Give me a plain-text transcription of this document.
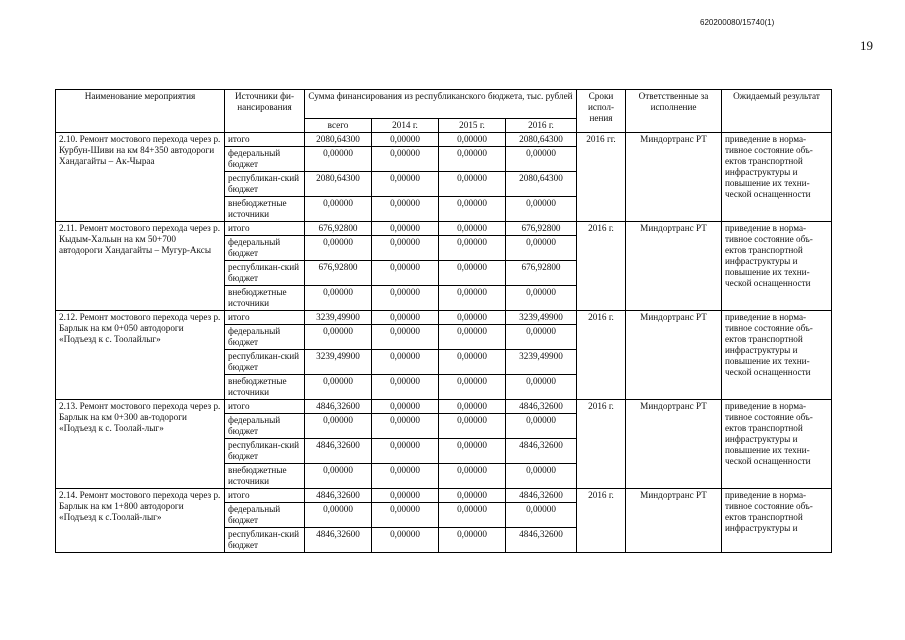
620200080/15740(1)
19
Наименование мероприятия	Источники фи-нансирования	Сумма финансирования из республиканского бюджета, тыс. рублей				Сроки испол-нения	Ответственные за исполнение	Ожидаемый результат
		всего	2014 г.	2015 г.	2016 г.			
2.10. Ремонт мостового перехода через р. Курбун-Шиви на км 84+350 автодороги Хандагайты – Ак-Чыраа	итого	2080,64300	0,00000	0,00000	2080,64300	2016 гг.	Миндортранс РТ	приведение в норма-тивное состояние объ-ектов транспортной инфраструктуры и повышение их техни-ческой оснащенности
	федеральный бюджет	0,00000	0,00000	0,00000	0,00000			
	республикан-ский бюджет	2080,64300	0,00000	0,00000	2080,64300			
	внебюджетные источники	0,00000	0,00000	0,00000	0,00000			
2.11. Ремонт мостового перехода через р. Кыдым-Хальын на км 50+700 автодороги Хандагайты – Мугур-Аксы	итого	676,92800	0,00000	0,00000	676,92800	2016 г.	Миндортранс РТ	приведение в норма-тивное состояние объ-ектов транспортной инфраструктуры и повышение их техни-ческой оснащенности
	федеральный бюджет	0,00000	0,00000	0,00000	0,00000			
	республикан-ский бюджет	676,92800	0,00000	0,00000	676,92800			
	внебюджетные источники	0,00000	0,00000	0,00000	0,00000			
2.12. Ремонт мостового перехода через р. Барлык на км 0+050 автодороги «Подъезд к с. Тоолайлыг»	итого	3239,49900	0,00000	0,00000	3239,49900	2016 г.	Миндортранс РТ	приведение в норма-тивное состояние объ-ектов транспортной инфраструктуры и повышение их техни-ческой оснащенности
	федеральный бюджет	0,00000	0,00000	0,00000	0,00000			
	республикан-ский бюджет	3239,49900	0,00000	0,00000	3239,49900			
	внебюджетные источники	0,00000	0,00000	0,00000	0,00000			
2.13. Ремонт мостового перехода через р. Барлык на км 0+300 ав-тодороги «Подъезд к с. Тоолай-лыг»	итого	4846,32600	0,00000	0,00000	4846,32600	2016 г.	Миндортранс РТ	приведение в норма-тивное состояние объ-ектов транспортной инфраструктуры и повышение их техни-ческой оснащенности
	федеральный бюджет	0,00000	0,00000	0,00000	0,00000			
	республикан-ский бюджет	4846,32600	0,00000	0,00000	4846,32600			
	внебюджетные источники	0,00000	0,00000	0,00000	0,00000			
2.14. Ремонт мостового перехода через р. Барлык на км 1+800 автодороги «Подъезд к с.Тоолай-лыг»	итого	4846,32600	0,00000	0,00000	4846,32600	2016 г.	Миндортранс РТ	приведение в норма-тивное состояние объ-ектов транспортной инфраструктуры и
	федеральный бюджет	0,00000	0,00000	0,00000	0,00000			
	республикан-ский бюджет	4846,32600	0,00000	0,00000	4846,32600			
